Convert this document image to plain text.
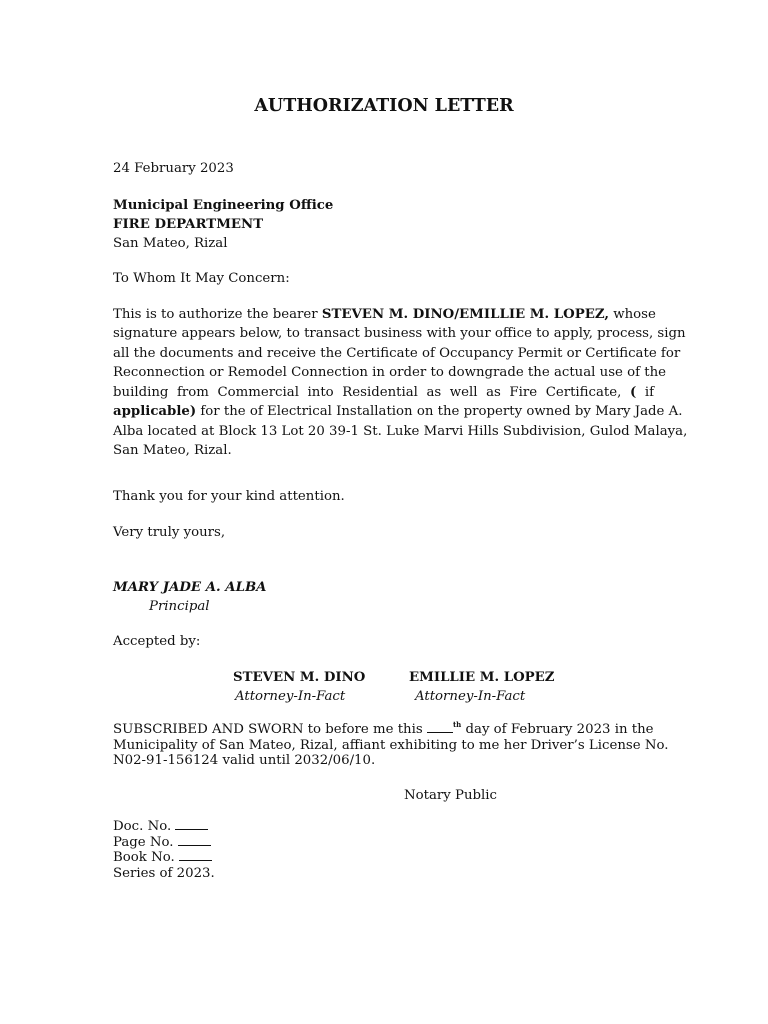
AUTHORIZATION LETTER
24 February 2023
Municipal Engineering Office
FIRE DEPARTMENT
San Mateo, Rizal
To Whom It May Concern:
This is to authorize the bearer STEVEN M. DINO/EMILLIE M. LOPEZ, whose
signature appears below, to transact business with your office to apply, process, sign
all the documents and receive the Certificate of Occupancy Permit or Certificate for
Reconnection or Remodel Connection in order to downgrade the actual use of the
building from Commercial into Residential as well as Fire Certificate, ( if
applicable) for the of Electrical Installation on the property owned by Mary Jade A.
Alba located at Block 13 Lot 20 39-1 St. Luke Marvi Hills Subdivision, Gulod Malaya,
San Mateo, Rizal.
Thank you for your kind attention.
Very truly yours,
MARY JADE A. ALBA
Principal
Accepted by:
STEVEN M. DINO
Attorney-In-Fact
EMILLIE M. LOPEZ
Attorney-In-Fact
SUBSCRIBED AND SWORN to before me this	$^{th}$ day of February 2023 in the
Municipality of San Mateo, Rizal, affiant exhibiting to me her Driver’s License No.
N02-91-156124 valid until 2032/06/10.
Notary Public
Doc. No.
Page No.
Book No.
Series of 2023.
